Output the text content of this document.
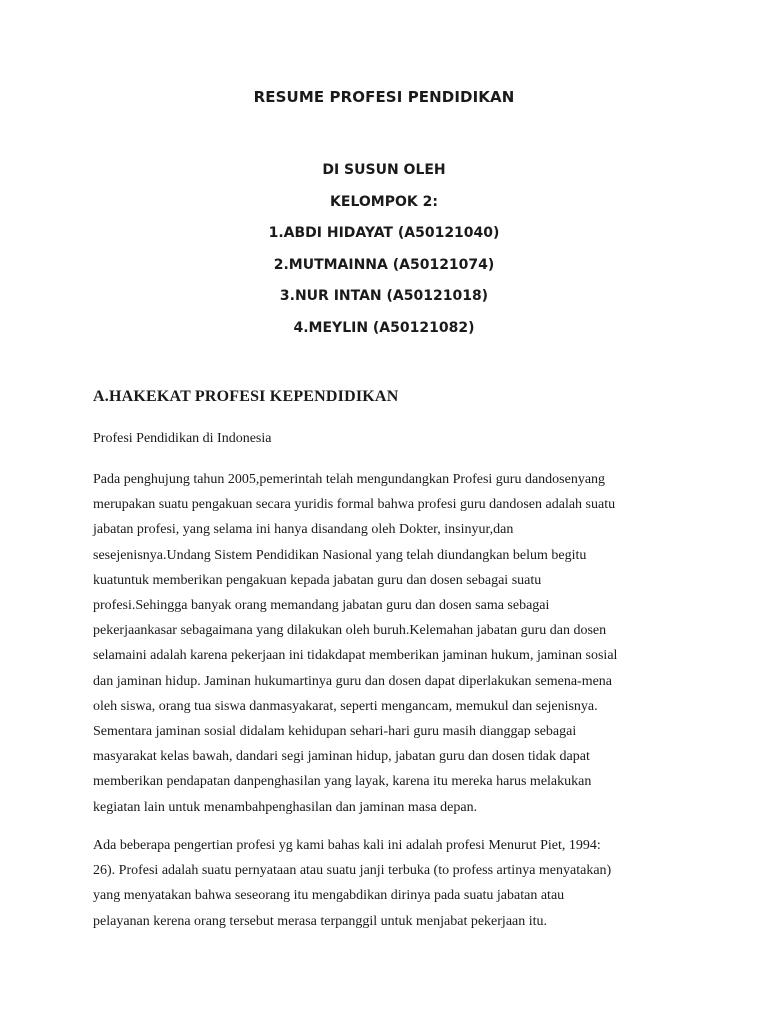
RESUME PROFESI PENDIDIKAN
DI SUSUN OLEH
KELOMPOK 2:
1.ABDI HIDAYAT (A50121040)
2.MUTMAINNA (A50121074)
3.NUR INTAN (A50121018)
4.MEYLIN (A50121082)
A.HAKEKAT PROFESI KEPENDIDIKAN
Profesi Pendidikan di Indonesia

Pada penghujung tahun 2005,pemerintah telah mengundangkan Profesi guru dandosenyang
merupakan suatu pengakuan secara yuridis formal bahwa profesi guru dandosen adalah suatu
jabatan profesi, yang selama ini hanya disandang oleh Dokter, insinyur,dan
sesejenisnya.Undang Sistem Pendidikan Nasional yang telah diundangkan belum begitu
kuatuntuk memberikan pengakuan kepada jabatan guru dan dosen sebagai suatu
profesi.Sehingga banyak orang memandang jabatan guru dan dosen sama sebagai
pekerjaankasar sebagaimana yang dilakukan oleh buruh.Kelemahan jabatan guru dan dosen
selamaini adalah karena pekerjaan ini tidakdapat memberikan jaminan hukum, jaminan sosial
dan jaminan hidup. Jaminan hukumartinya guru dan dosen dapat diperlakukan semena-mena
oleh siswa, orang tua siswa danmasyakarat, seperti mengancam, memukul dan sejenisnya.
Sementara jaminan sosial didalam kehidupan sehari-hari guru masih dianggap sebagai
masyarakat kelas bawah, dandari segi jaminan hidup, jabatan guru dan dosen tidak dapat
memberikan pendapatan danpenghasilan yang layak, karena itu mereka harus melakukan
kegiatan lain untuk menambahpenghasilan dan jaminan masa depan.

Ada beberapa pengertian profesi yg kami bahas kali ini adalah profesi Menurut Piet, 1994:
26). Profesi adalah suatu pernyataan atau suatu janji terbuka (to profess artinya menyatakan)
yang menyatakan bahwa seseorang itu mengabdikan dirinya pada suatu jabatan atau
pelayanan kerena orang tersebut merasa terpanggil untuk menjabat pekerjaan itu.
